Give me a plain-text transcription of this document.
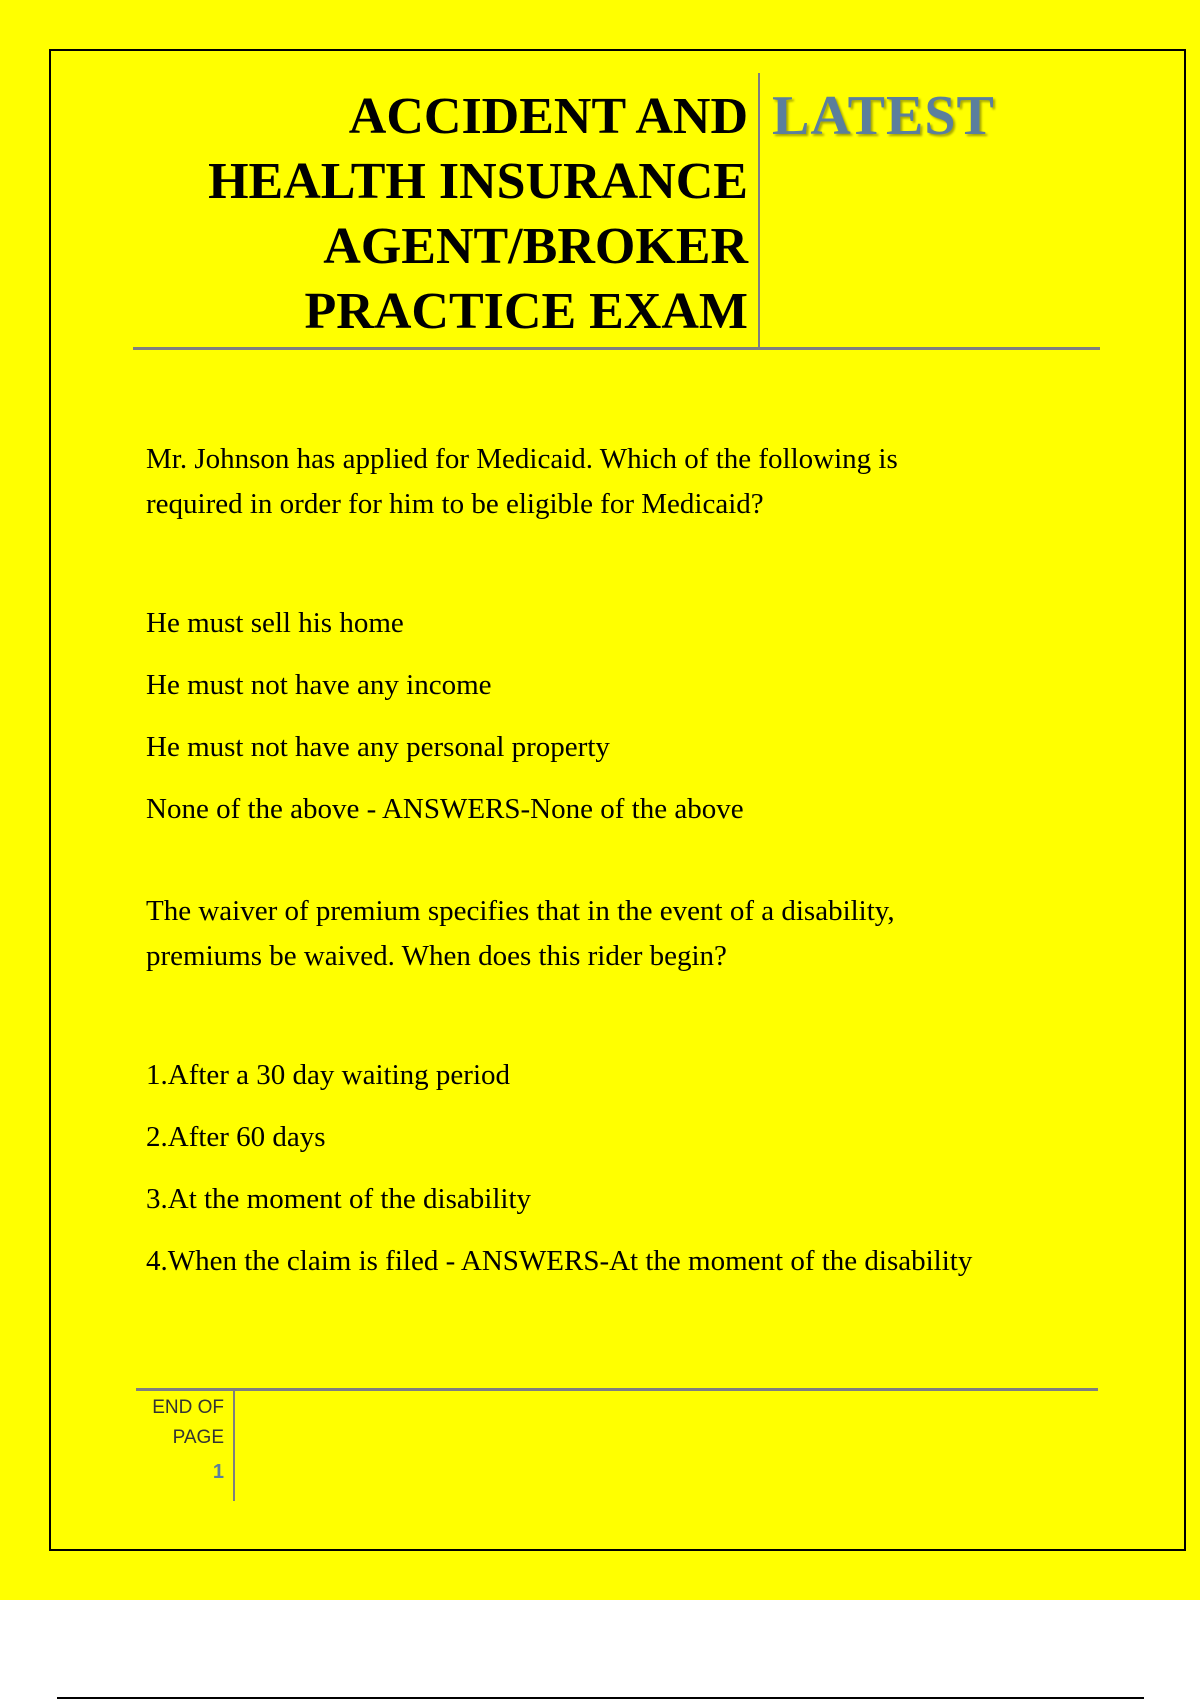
ACCIDENT AND
HEALTH INSURANCE
AGENT/BROKER
PRACTICE EXAM
LATEST

Mr. Johnson has applied for Medicaid. Which of the following is
required in order for him to be eligible for Medicaid?

He must sell his home
He must not have any income
He must not have any personal property
None of the above - ANSWERS-None of the above

The waiver of premium specifies that in the event of a disability,
premiums be waived. When does this rider begin?

1.After a 30 day waiting period
2.After 60 days
3.At the moment of the disability
4.When the claim is filed - ANSWERS-At the moment of the disability
END OF
PAGE
1
